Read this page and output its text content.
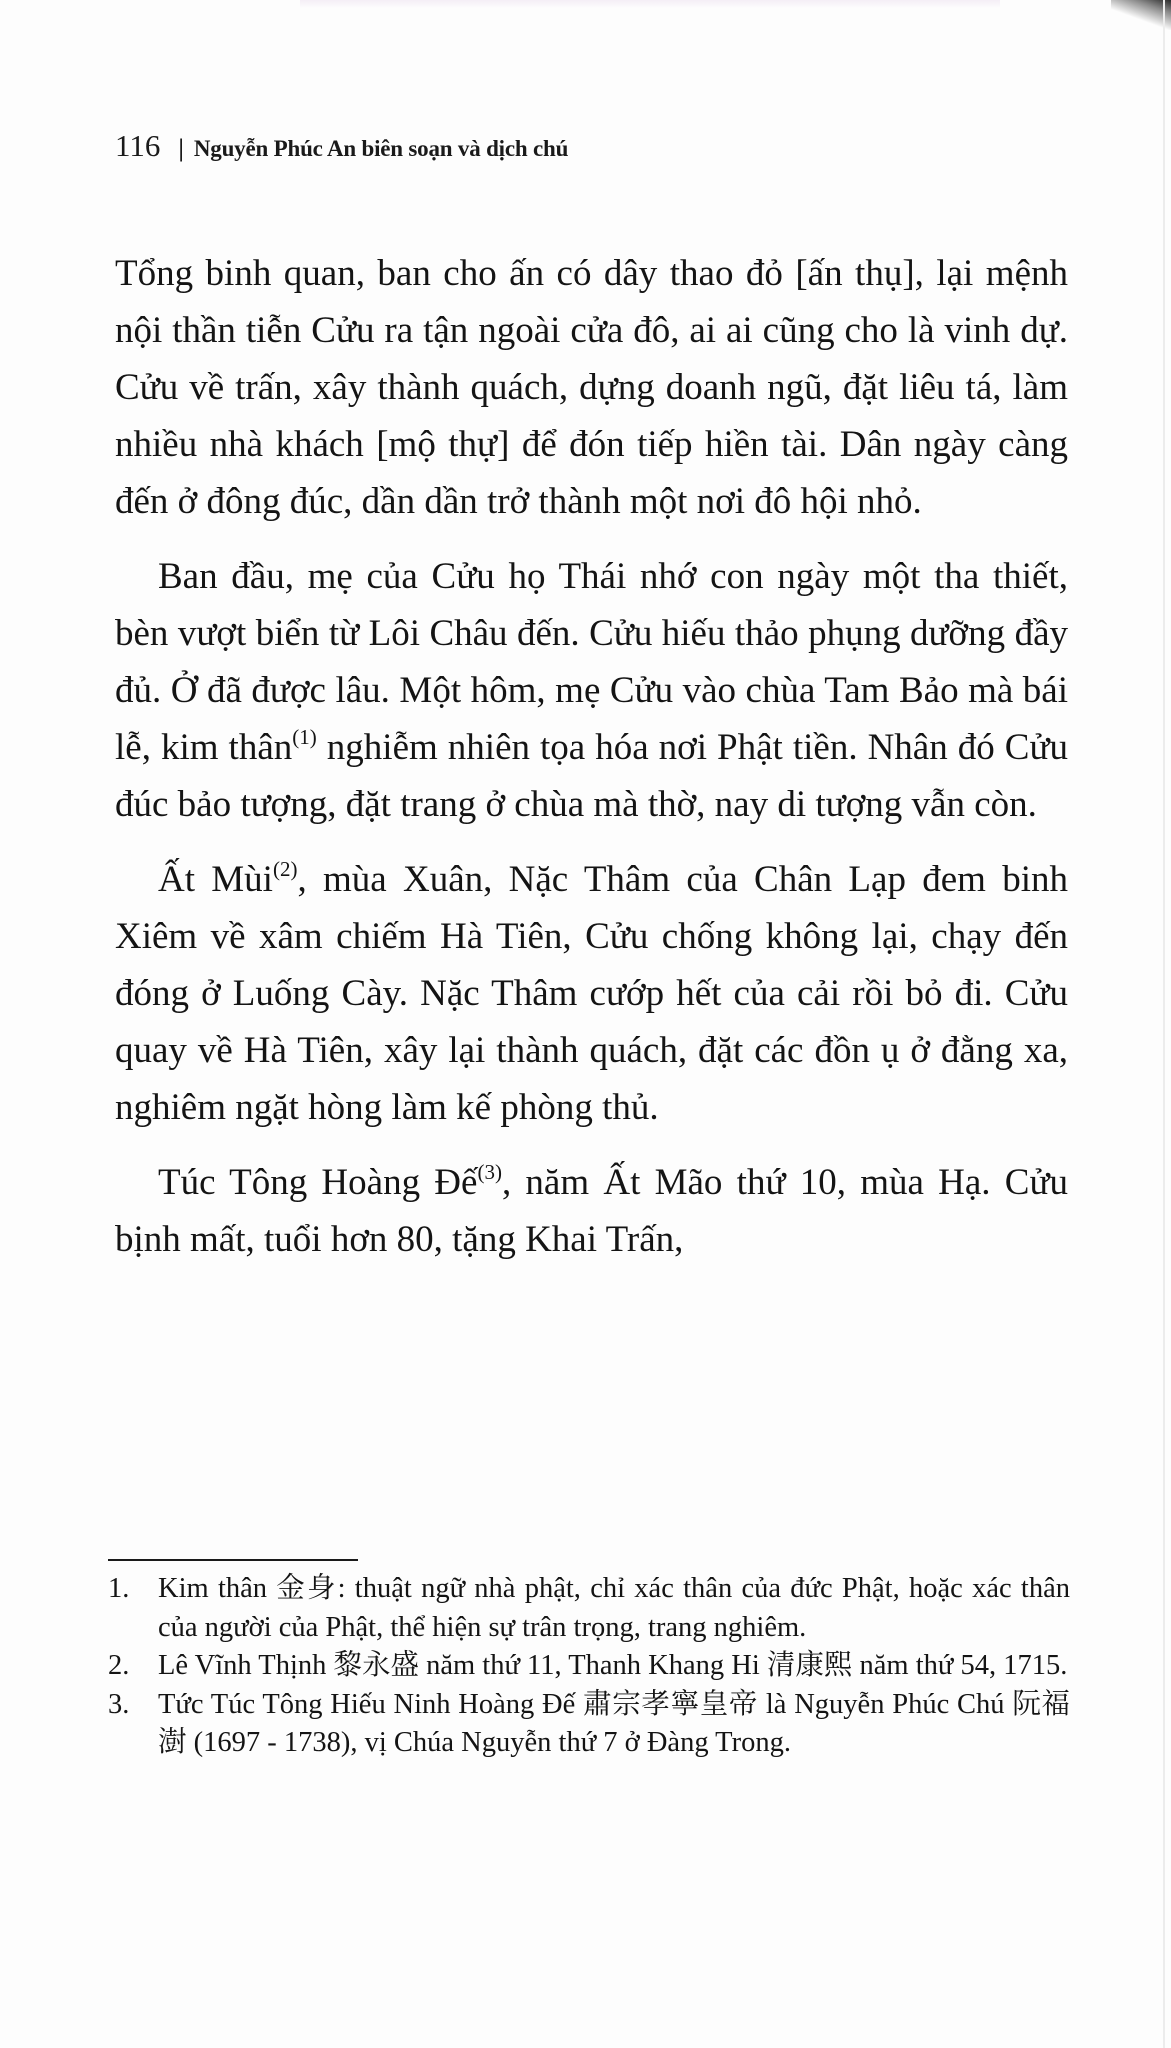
116 | Nguyễn Phúc An biên soạn và dịch chú

Tổng binh quan, ban cho ấn có dây thao đỏ [ấn thụ], lại mệnh nội thần tiễn Cửu ra tận ngoài cửa đô, ai ai cũng cho là vinh dự. Cửu về trấn, xây thành quách, dựng doanh ngũ, đặt liêu tá, làm nhiều nhà khách [mộ thự] để đón tiếp hiền tài. Dân ngày càng đến ở đông đúc, dần dần trở thành một nơi đô hội nhỏ.

Ban đầu, mẹ của Cửu họ Thái nhớ con ngày một tha thiết, bèn vượt biển từ Lôi Châu đến. Cửu hiếu thảo phụng dưỡng đầy đủ. Ở đã được lâu. Một hôm, mẹ Cửu vào chùa Tam Bảo mà bái lễ, kim thân$^{(1)}$ nghiễm nhiên tọa hóa nơi Phật tiền. Nhân đó Cửu đúc bảo tượng, đặt trang ở chùa mà thờ, nay di tượng vẫn còn.

Ất Mùi$^{(2)}$, mùa Xuân, Nặc Thâm của Chân Lạp đem binh Xiêm về xâm chiếm Hà Tiên, Cửu chống không lại, chạy đến đóng ở Luống Cày. Nặc Thâm cướp hết của cải rồi bỏ đi. Cửu quay về Hà Tiên, xây lại thành quách, đặt các đồn ụ ở đằng xa, nghiêm ngặt hòng làm kế phòng thủ.

Túc Tông Hoàng Đế$^{(3)}$, năm Ất Mão thứ 10, mùa Hạ. Cửu bịnh mất, tuổi hơn 80, tặng Khai Trấn,

1.	Kim thân 金身: thuật ngữ nhà phật, chỉ xác thân của đức Phật, hoặc xác thân của người của Phật, thể hiện sự trân trọng, trang nghiêm.
2.	Lê Vĩnh Thịnh 黎永盛 năm thứ 11, Thanh Khang Hi 清康熙 năm thứ 54, 1715.
3.	Tức Túc Tông Hiếu Ninh Hoàng Đế 肅宗孝寧皇帝 là Nguyễn Phúc Chú 阮福澍 (1697 - 1738), vị Chúa Nguyễn thứ 7 ở Đàng Trong.
